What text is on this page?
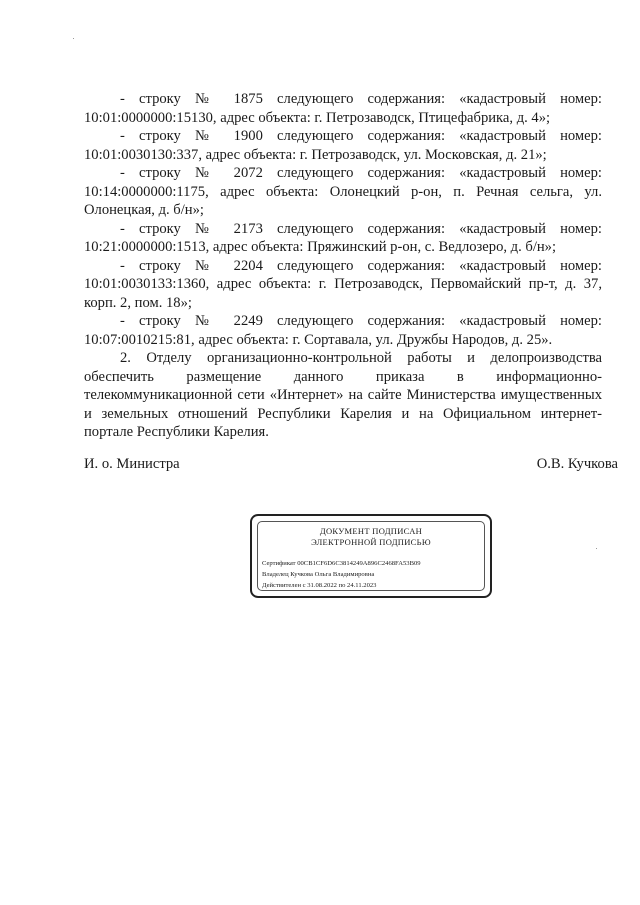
- строку № 1875 следующего содержания: «кадастровый номер: 10:01:0000000:15130, адрес объекта: г. Петрозаводск, Птицефабрика, д. 4»;

- строку № 1900 следующего содержания: «кадастровый номер: 10:01:0030130:337, адрес объекта: г. Петрозаводск, ул. Московская, д. 21»;

- строку № 2072 следующего содержания: «кадастровый номер: 10:14:0000000:1175, адрес объекта: Олонецкий р-он, п. Речная сельга, ул. Олонецкая, д. б/н»;

- строку № 2173 следующего содержания: «кадастровый номер: 10:21:0000000:1513, адрес объекта: Пряжинский р-он, с. Ведлозеро, д. б/н»;

- строку № 2204 следующего содержания: «кадастровый номер: 10:01:0030133:1360, адрес объекта: г. Петрозаводск, Первомайский пр-т, д. 37, корп. 2, пом. 18»;

- строку № 2249 следующего содержания: «кадастровый номер: 10:07:0010215:81, адрес объекта: г. Сортавала, ул. Дружбы Народов, д. 25».

2. Отделу организационно-контрольной работы и делопроизводства обеспечить размещение данного приказа в информационно-телекоммуникационной сети «Интернет» на сайте Министерства имущественных и земельных отношений Республики Карелия и на Официальном интернет-портале Республики Карелия.

И. о. Министра	О.В. Кучкова
ДОКУМЕНТ ПОДПИСАН
ЭЛЕКТРОННОЙ ПОДПИСЬЮ
Сертификат 00CB1CF6D6C3814249A896C2468FA53B09
Владелец Кучкова Ольга Владимировна
Действителен с 31.08.2022 по 24.11.2023
